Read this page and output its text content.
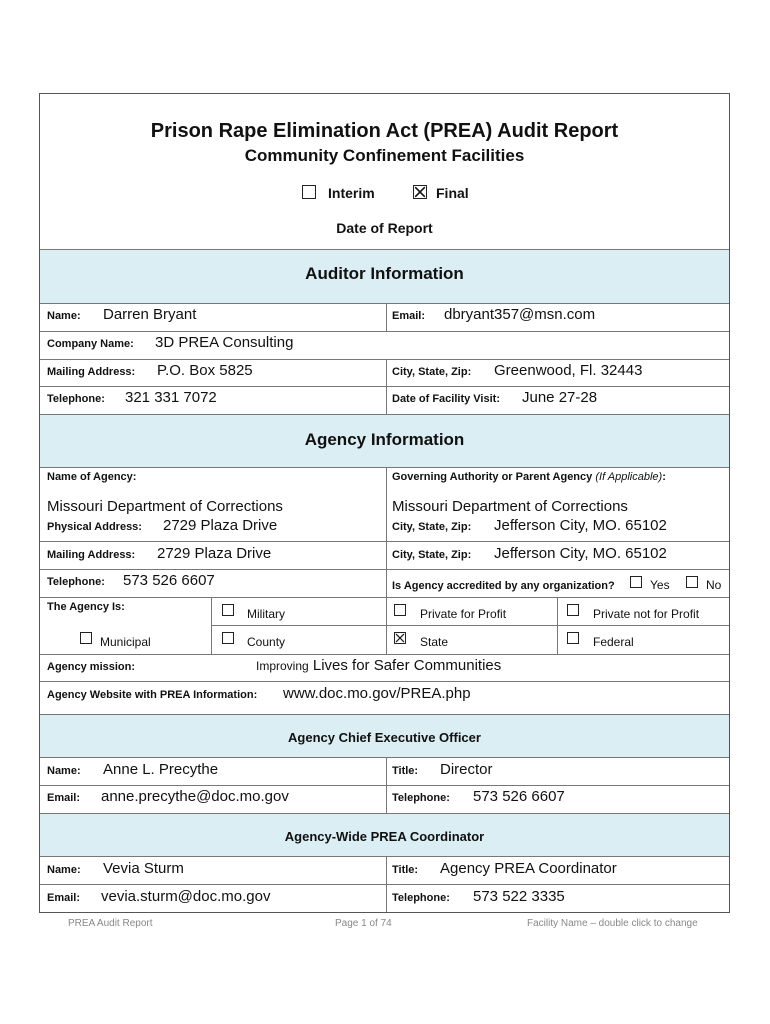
Prison Rape Elimination Act (PREA) Audit Report
Community Confinement Facilities
Interim	Final
Date of Report
Auditor Information
Name: Darren Bryant	Email: dbryant357@msn.com
Company Name: 3D PREA Consulting
Mailing Address: P.O. Box 5825	City, State, Zip: Greenwood, Fl. 32443
Telephone: 321 331 7072	Date of Facility Visit: June 27-28
Agency Information
Name of Agency:	Governing Authority or Parent Agency (If Applicable):
Missouri Department of Corrections	Missouri Department of Corrections
Physical Address: 2729 Plaza Drive	City, State, Zip: Jefferson City, MO. 65102
Mailing Address: 2729 Plaza Drive	City, State, Zip: Jefferson City, MO. 65102
Telephone: 573 526 6607	Is Agency accredited by any organization?	Yes	No
The Agency Is:	Military	Private for Profit	Private not for Profit
Municipal	County	State	Federal
Agency mission:	Improving Lives for Safer Communities
Agency Website with PREA Information: www.doc.mo.gov/PREA.php
Agency Chief Executive Officer
Name: Anne L. Precythe	Title: Director
Email: anne.precythe@doc.mo.gov	Telephone: 573 526 6607
Agency-Wide PREA Coordinator
Name: Vevia Sturm	Title: Agency PREA Coordinator
Email: vevia.sturm@doc.mo.gov	Telephone: 573 522 3335
PREA Audit Report	Page 1 of 74	Facility Name – double click to change
